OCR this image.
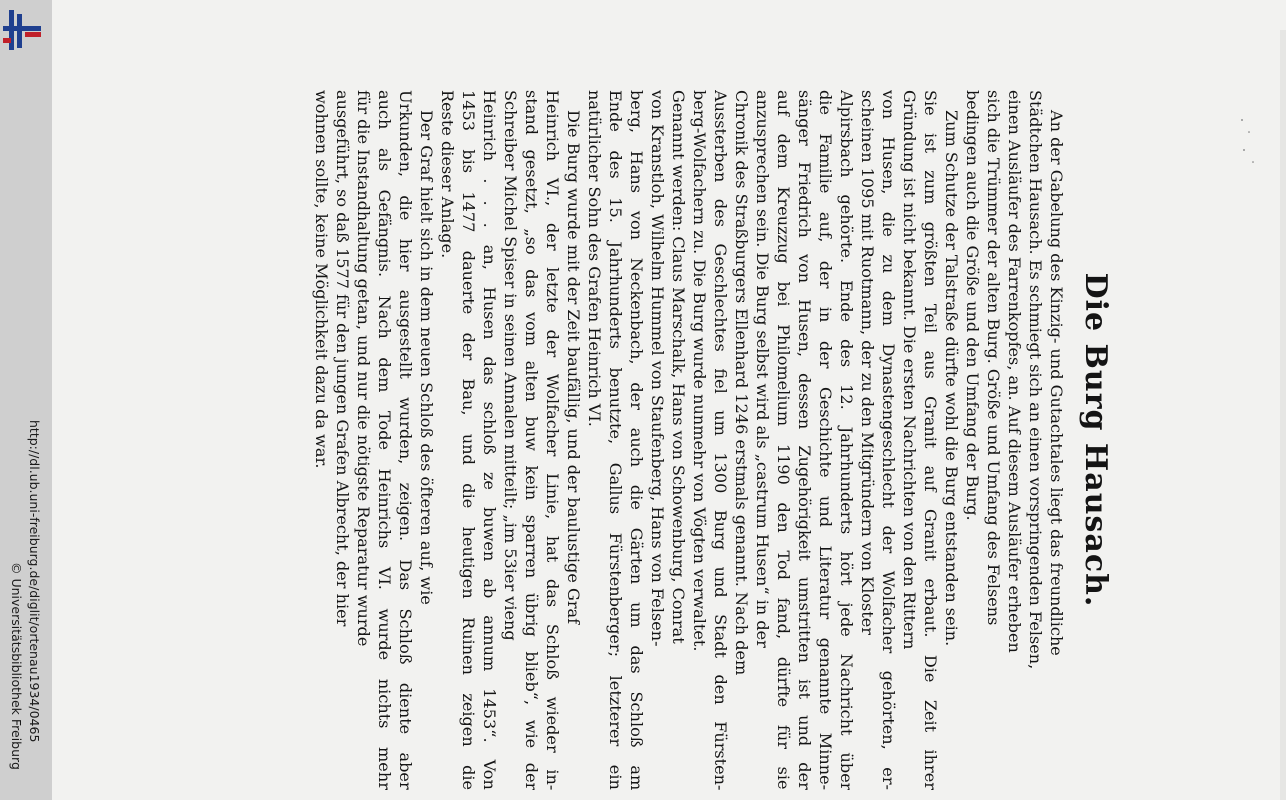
http://dl.ub.uni-freiburg.de/diglit/ortenau1934/0465
© Universitätsbibliothek Freiburg
Die Burg Hausach.

An der Gabelung des Kinzig- und Gutachtales liegt das freundliche
Städtchen Hausach. Es schmiegt sich an einen vorspringenden Felsen,
einen Ausläufer des Farrenkopfes, an. Auf diesem Ausläufer erheben
sich die Trümmer der alten Burg. Größe und Umfang des Felsens
bedingen auch die Größe und den Umfang der Burg.

Zum Schutze der Talstraße dürfte wohl die Burg entstanden sein.
Sie ist zum größten Teil aus Granit auf Granit erbaut. Die Zeit ihrer
Gründung ist nicht bekannt. Die ersten Nachrichten von den Rittern
von Husen, die zu dem Dynastengeschlecht der Wolfacher gehörten, er-
scheinen 1095 mit Ruotmann, der zu den Mitgründern von Kloster
Alpirsbach gehörte. Ende des 12. Jahrhunderts hört jede Nachricht über
die Familie auf, der in der Geschichte und Literatur genannte Minne-
sänger Friedrich von Husen, dessen Zugehörigkeit umstritten ist und der
auf dem Kreuzzug bei Philomelium 1190 den Tod fand, dürfte für sie
anzusprechen sein. Die Burg selbst wird als „castrum Husen“ in der
Chronik des Straßburgers Ellenhard 1246 erstmals genannt. Nach dem
Aussterben des Geschlechtes fiel um 1300 Burg und Stadt den Fürsten-
berg-Wolfachern zu. Die Burg wurde nunmehr von Vögten verwaltet.
Genannt werden: Claus Marschalk, Hans von Schowenburg, Conrat
von Kranstloh, Wilhelm Hummel von Staufenberg, Hans von Felsen-
berg, Hans von Neckenbach, der auch die Gärten um das Schloß am
Ende des 15. Jahrhunderts benutzte, Gallus Fürstenberger; letzterer ein
natürlicher Sohn des Grafen Heinrich VI.

Die Burg wurde mit der Zeit baufällig, und der baulustige Graf
Heinrich VI., der letzte der Wolfacher Linie, hat das Schloß wieder in-
stand gesetzt, „so das vom alten buw kein sparren übrig blieb“, wie der
Schreiber Michel Spiser in seinen Annalen mitteilt; „im 53ier vieng
Heinrich . . . an, Husen das schloß ze buwen ab annum 1453“. Von
1453 bis 1477 dauerte der Bau, und die heutigen Ruinen zeigen die
Reste dieser Anlage.

Der Graf hielt sich in dem neuen Schloß des öfteren auf, wie
Urkunden, die hier ausgestellt wurden, zeigen. Das Schloß diente aber
auch als Gefängnis. Nach dem Tode Heinrichs VI. wurde nichts mehr
für die Instandhaltung getan, und nur die nötigste Reparatur wurde
ausgeführt, so daß 1577 für den jungen Grafen Albrecht, der hier
wohnen sollte, keine Möglichkeit dazu da war.
